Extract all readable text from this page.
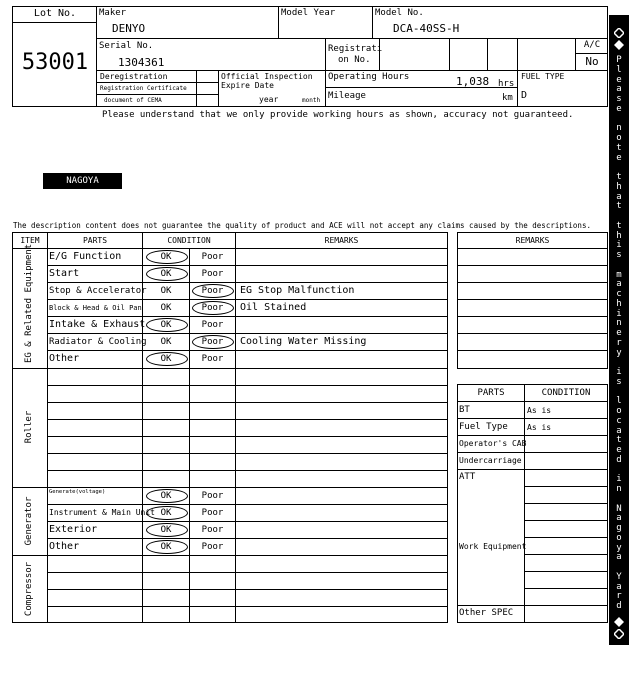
Lot No.
53001
Maker
DENYO
Model Year	Model No.
DCA-40SS-H
Serial No.
1304361
Registrati
on No.
A/C
No
Deregistration
Registration Certificate
document of CEMA
Official Inspection
Expire Date
year	month
Operating Hours	1,038 hrs
Mileage	km
FUEL TYPE
D
Please understand that we only provide working hours as shown, accuracy not guaranteed.
NAGOYA
The description content does not guarantee the quality of product and ACE will not accept any claims caused by the descriptions.
ITEM	PARTS	CONDITION	REMARKS
EG & Related Equipment
Roller
Generator
Compressor
E/G Function	OK	Poor
Start	OK	Poor
Stop & Accelerator	OK	Poor	EG Stop Malfunction
Block & Head & Oil Pan	OK	Poor	Oil Stained
Intake & Exhaust	OK	Poor
Radiator & Cooling	OK	Poor	Cooling Water Missing
Other	OK	Poor
Generate(voltage)	OK	Poor
Instrument & Main Unit OK	Poor
Exterior	OK	Poor
Other	OK	Poor
REMARKS
PARTS	CONDITION
BT	As is
Fuel Type As is
Operator's CAB
Undercarriage
ATT
Work Equipment
Other SPEC
P
l
e
a
s
e
n
o
t
e
t
h
a
t
t
h
i
s
m
a
c
h
i
n
e
r
y
i
s
l
o
c
a
t
e
d
i
n
N
a
g
o
y
a
Y
a
r
d
